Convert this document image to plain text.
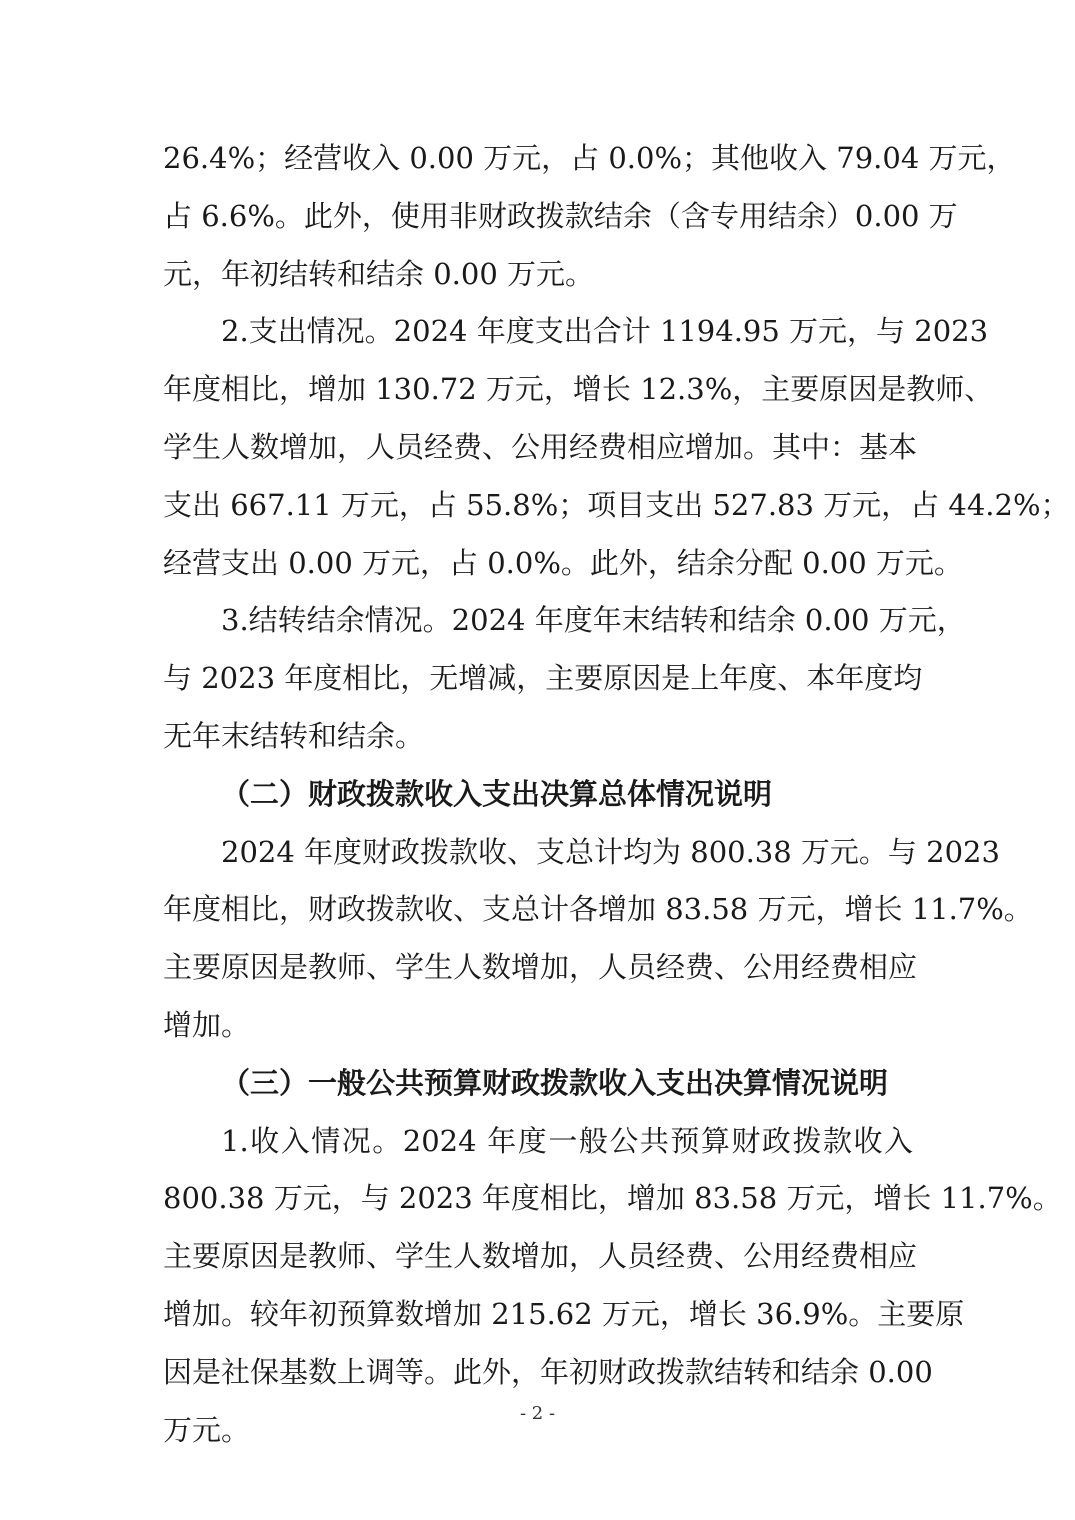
26.4%；经营收入 0.00 万元，占 0.0%；其他收入 79.04 万元，
占 6.6%。此外，使用非财政拨款结余（含专用结余）0.00 万
元，年初结转和结余 0.00 万元。
2.支出情况。2024 年度支出合计 1194.95 万元，与 2023
年度相比，增加 130.72 万元，增长 12.3%，主要原因是教师、
学生人数增加，人员经费、公用经费相应增加。其中：基本
支出 667.11 万元，占 55.8%；项目支出 527.83 万元，占 44.2%；
经营支出 0.00 万元，占 0.0%。此外，结余分配 0.00 万元。
3.结转结余情况。2024 年度年末结转和结余 0.00 万元，
与 2023 年度相比，无增减，主要原因是上年度、本年度均
无年末结转和结余。
（二）财政拨款收入支出决算总体情况说明
2024 年度财政拨款收、支总计均为 800.38 万元。与 2023
年度相比，财政拨款收、支总计各增加 83.58 万元，增长 11.7%。
主要原因是教师、学生人数增加，人员经费、公用经费相应
增加。
（三）一般公共预算财政拨款收入支出决算情况说明
1.收入情况。2024 年度一般公共预算财政拨款收入
800.38 万元，与 2023 年度相比，增加 83.58 万元，增长 11.7%。
主要原因是教师、学生人数增加，人员经费、公用经费相应
增加。较年初预算数增加 215.62 万元，增长 36.9%。主要原
因是社保基数上调等。此外，年初财政拨款结转和结余 0.00
万元。	- 2 -
